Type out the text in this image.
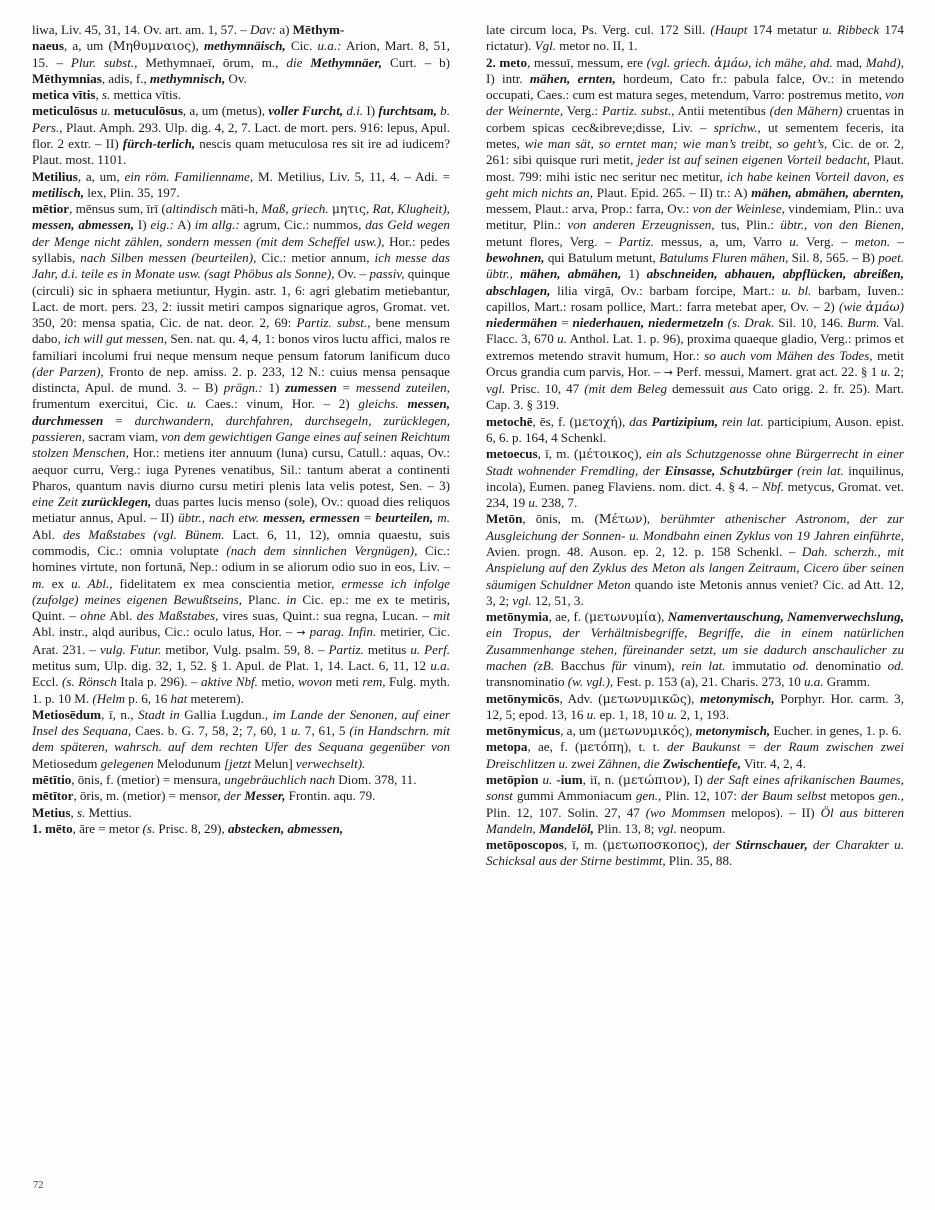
liwa, Liv. 45, 31, 14. Ov. art. am. 1, 57. – Dav: a) Mēthym-
naeus, a, um (Μηθυμναιος), methymnäisch, Cic. u.a.: Arion, Mart. 8, 51, 15. – Plur. subst., Methymnaeī, ōrum, m., die Methymnäer, Curt. – b) Mēthymnias, adis, f., methymnisch, Ov.

metica vītis, s. mettica vītis.

meticulōsus u. metuculōsus, a, um (metus), voller Furcht, d.i. I) furchtsam, b. Pers., Plaut. Amph. 293. Ulp. dig. 4, 2, 7. Lact. de mort. pers. 916: lepus, Apul. flor. 2 extr. – II) fürch-terlich, nescis quam metuculosa res sit ire ad iudicem? Plaut. most. 1101.

Metilius, a, um, ein röm. Familienname, M. Metilius, Liv. 5, 11, 4. – Adi. = metilisch, lex, Plin. 35, 197.

mētior, mēnsus sum, īrī (altindisch māti-h, Maß, griech. μητις, Rat, Klugheit), messen, abmessen, I) eig.: A) im allg.: agrum, Cic.: nummos, das Geld wegen der Menge nicht zählen, sondern messen (mit dem Scheffel usw.), Hor.: pedes syllabis, nach Silben messen (beurteilen), Cic.: metior annum, ich messe das Jahr, d.i. teile es in Monate usw. (sagt Phöbus als Sonne), Ov. – passiv, quinque (circuli) sic in sphaera metiuntur, Hygin. astr. 1, 6: agri glebatim metiebantur, Lact. de mort. pers. 23, 2: iussit metiri campos signarique agros, Gromat. vet. 350, 20: mensa spatia, Cic. de nat. deor. 2, 69: Partiz. subst., bene mensum dabo, ich will gut messen, Sen. nat. qu. 4, 4, 1: bonos viros luctu affici, malos re familiari incolumi frui neque mensum neque pensum fatorum lanificum duco (der Parzen), Fronto de nep. amiss. 2. p. 233, 12 N.: cuius mensa pensaque distincta, Apul. de mund. 3. – B) prägn.: 1) zumessen = messend zuteilen, frumentum exercitui, Cic. u. Caes.: vinum, Hor. – 2) gleichs. messen, durchmessen = durchwandern, durchfahren, durchsegeln, zurücklegen, passieren, sacram viam, von dem gewichtigen Gange eines auf seinen Reichtum stolzen Menschen, Hor.: metiens iter annuum (luna) cursu, Catull.: aquas, Ov.: aequor curru, Verg.: iuga Pyrenes venatibus, Sil.: tantum aberat a continenti Pharos, quantum navis diurno cursu metiri plenis lata velis potest, Sen. – 3) eine Zeit zurücklegen, duas partes lucis menso (sole), Ov.: quoad dies reliquos metiatur annus, Apul. – II) übtr., nach etw. messen, ermessen = beurteilen, m. Abl. des Maßstabes (vgl. Bünem. Lact. 6, 11, 12), omnia quaestu, suis commodis, Cic.: omnia voluptate (nach dem sinnlichen Vergnügen), Cic.: homines virtute, non fortunā, Nep.: odium in se aliorum odio suo in eos, Liv. – m. ex u. Abl., fidelitatem ex mea conscientia metior, ermesse ich infolge (zufolge) meines eigenen Bewußtseins, Planc. in Cic. ep.: me ex te metiris, Quint. – ohne Abl. des Maßstabes, vires suas, Quint.: sua regna, Lucan. – mit Abl. instr., alqd auribus, Cic.: oculo latus, Hor. – → parag. Infin. metirier, Cic. Arat. 231. – vulg. Futur. metibor, Vulg. psalm. 59, 8. – Partiz. metitus u. Perf. metitus sum, Ulp. dig. 32, 1, 52. § 1. Apul. de Plat. 1, 14. Lact. 6, 11, 12 u.a. Eccl. (s. Rönsch Itala p. 296). – aktive Nbf. metio, wovon meti rem, Fulg. myth. 1. p. 10 M. (Helm p. 6, 16 hat meterem).

Metiosēdum, ī, n., Stadt in Gallia Lugdun., im Lande der Senonen, auf einer Insel des Sequana, Caes. b. G. 7, 58, 2; 7, 60, 1 u. 7, 61, 5 (in Handschrn. mit dem späteren, wahrsch. auf dem rechten Ufer des Sequana gegenüber von Metiosedum gelegenen Melodunum [jetzt Melun] verwechselt).

mētītio, ōnis, f. (metior) = mensura, ungebräuchlich nach Diom. 378, 11.

mētītor, ōris, m. (metior) = mensor, der Messer, Frontin. aqu. 79.

Metius, s. Mettius.

1. mēto, āre = metor (s. Prisc. 8, 29), abstecken, abmessen,

late circum loca, Ps. Verg. cul. 172 Sill. (Haupt 174 metatur u. Ribbeck 174 rictatur). Vgl. metor no. II, 1.

2. meto, messuī, messum, ere (vgl. griech. ἁμáω, ich mähe, ahd. mad, Mahd), I) intr. mähen, ernten, hordeum, Cato fr.: pabula falce, Ov.: in metendo occupati, Caes.: cum est matura seges, metendum, Varro: postremus metito, von der Weinernte, Verg.: Partiz. subst., Antii metentibus (den Mähern) cruentas in corbem spicas cec&ibreve;disse, Liv. – sprichw., ut sementem feceris, ita metes, wie man sät, so erntet man; wie man’s treibt, so geht’s, Cic. de or. 2, 261: sibi quisque ruri metit, jeder ist auf seinen eigenen Vorteil bedacht, Plaut. most. 799: mihi istic nec seritur nec metitur, ich habe keinen Vorteil davon, es geht mich nichts an, Plaut. Epid. 265. – II) tr.: A) mähen, abmähen, abernten, messem, Plaut.: arva, Prop.: farra, Ov.: von der Weinlese, vindemiam, Plin.: uva metitur, Plin.: von anderen Erzeugnissen, tus, Plin.: übtr., von den Bienen, metunt flores, Verg. – Partiz. messus, a, um, Varro u. Verg. – meton. – bewohnen, qui Batulum metunt, Batulums Fluren mähen, Sil. 8, 565. – B) poet. übtr., mähen, abmähen, 1) abschneiden, abhauen, abpflücken, abreißen, abschlagen, lilia virgā, Ov.: barbam forcipe, Mart.: u. bl. barbam, Iuven.: capillos, Mart.: rosam pollice, Mart.: farra metebat aper, Ov. – 2) (wie ἁμáω) niedermähen = niederhauen, niedermetzeln (s. Drak. Sil. 10, 146. Burm. Val. Flacc. 3, 670 u. Anthol. Lat. 1. p. 96), proxima quaeque gladio, Verg.: primos et extremos metendo stravit humum, Hor.: so auch vom Mähen des Todes, metit Orcus grandia cum parvis, Hor. – → Perf. messui, Mamert. grat act. 22. § 1 u. 2; vgl. Prisc. 10, 47 (mit dem Beleg demessuit aus Cato origg. 2. fr. 25). Mart. Cap. 3. § 319.

metochē, ēs, f. (μετοχή), das Partizipium, rein lat. participium, Auson. epist. 6, 6. p. 164, 4 Schenkl.

metoecus, ī, m. (μέτοικος), ein als Schutzgenosse ohne Bürgerrecht in einer Stadt wohnender Fremdling, der Einsasse, Schutzbürger (rein lat. inquilinus, incola), Eumen. paneg Flaviens. nom. dict. 4. § 4. – Nbf. metycus, Gromat. vet. 234, 19 u. 238, 7.

Metōn, ōnis, m. (Μέτων), berühmter athenischer Astronom, der zur Ausgleichung der Sonnen- u. Mondbahn einen Zyklus von 19 Jahren einführte, Avien. progn. 48. Auson. ep. 2, 12. p. 158 Schenkl. – Dah. scherzh., mit Anspielung auf den Zyklus des Meton als langen Zeitraum, Cicero über seinen säumigen Schuldner Meton quando iste Metonis annus veniet? Cic. ad Att. 12, 3, 2; vgl. 12, 51, 3.

metōnymia, ae, f. (μετωνυμία), Namenvertauschung, Namenverwechslung, ein Tropus, der Verhältnisbegriffe, Begriffe, die in einem natürlichen Zusammenhange stehen, füreinander setzt, um sie dadurch anschaulicher zu machen (zB. Bacchus für vinum), rein lat. immutatio od. denominatio od. transnominatio (w. vgl.), Fest. p. 153 (a), 21. Charis. 273, 10 u.a. Gramm.

metōnymicōs, Adv. (μετωνυμικῶς), metonymisch, Porphyr. Hor. carm. 3, 12, 5; epod. 13, 16 u. ep. 1, 18, 10 u. 2, 1, 193.

metōnymicus, a, um (μετωνυμικός), metonymisch, Eucher. in genes, 1. p. 6.

metopa, ae, f. (μετόπη), t. t. der Baukunst = der Raum zwischen zwei Dreischlitzen u. zwei Zähnen, die Zwischentiefe, Vitr. 4, 2, 4.

metōpion u. -ium, iī, n. (μετώπιον), I) der Saft eines afrikanischen Baumes, sonst gummi Ammoniacum gen., Plin. 12, 107: der Baum selbst metopos gen., Plin. 12, 107. Solin. 27, 47 (wo Mommsen melopos). – II) Öl aus bitteren Mandeln, Mandelöl, Plin. 13, 8; vgl. neopum.

metōposcopos, ī, m. (μετωποσκοπος), der Stirnschauer, der Charakter u. Schicksal aus der Stirne bestimmt, Plin. 35, 88.

72
